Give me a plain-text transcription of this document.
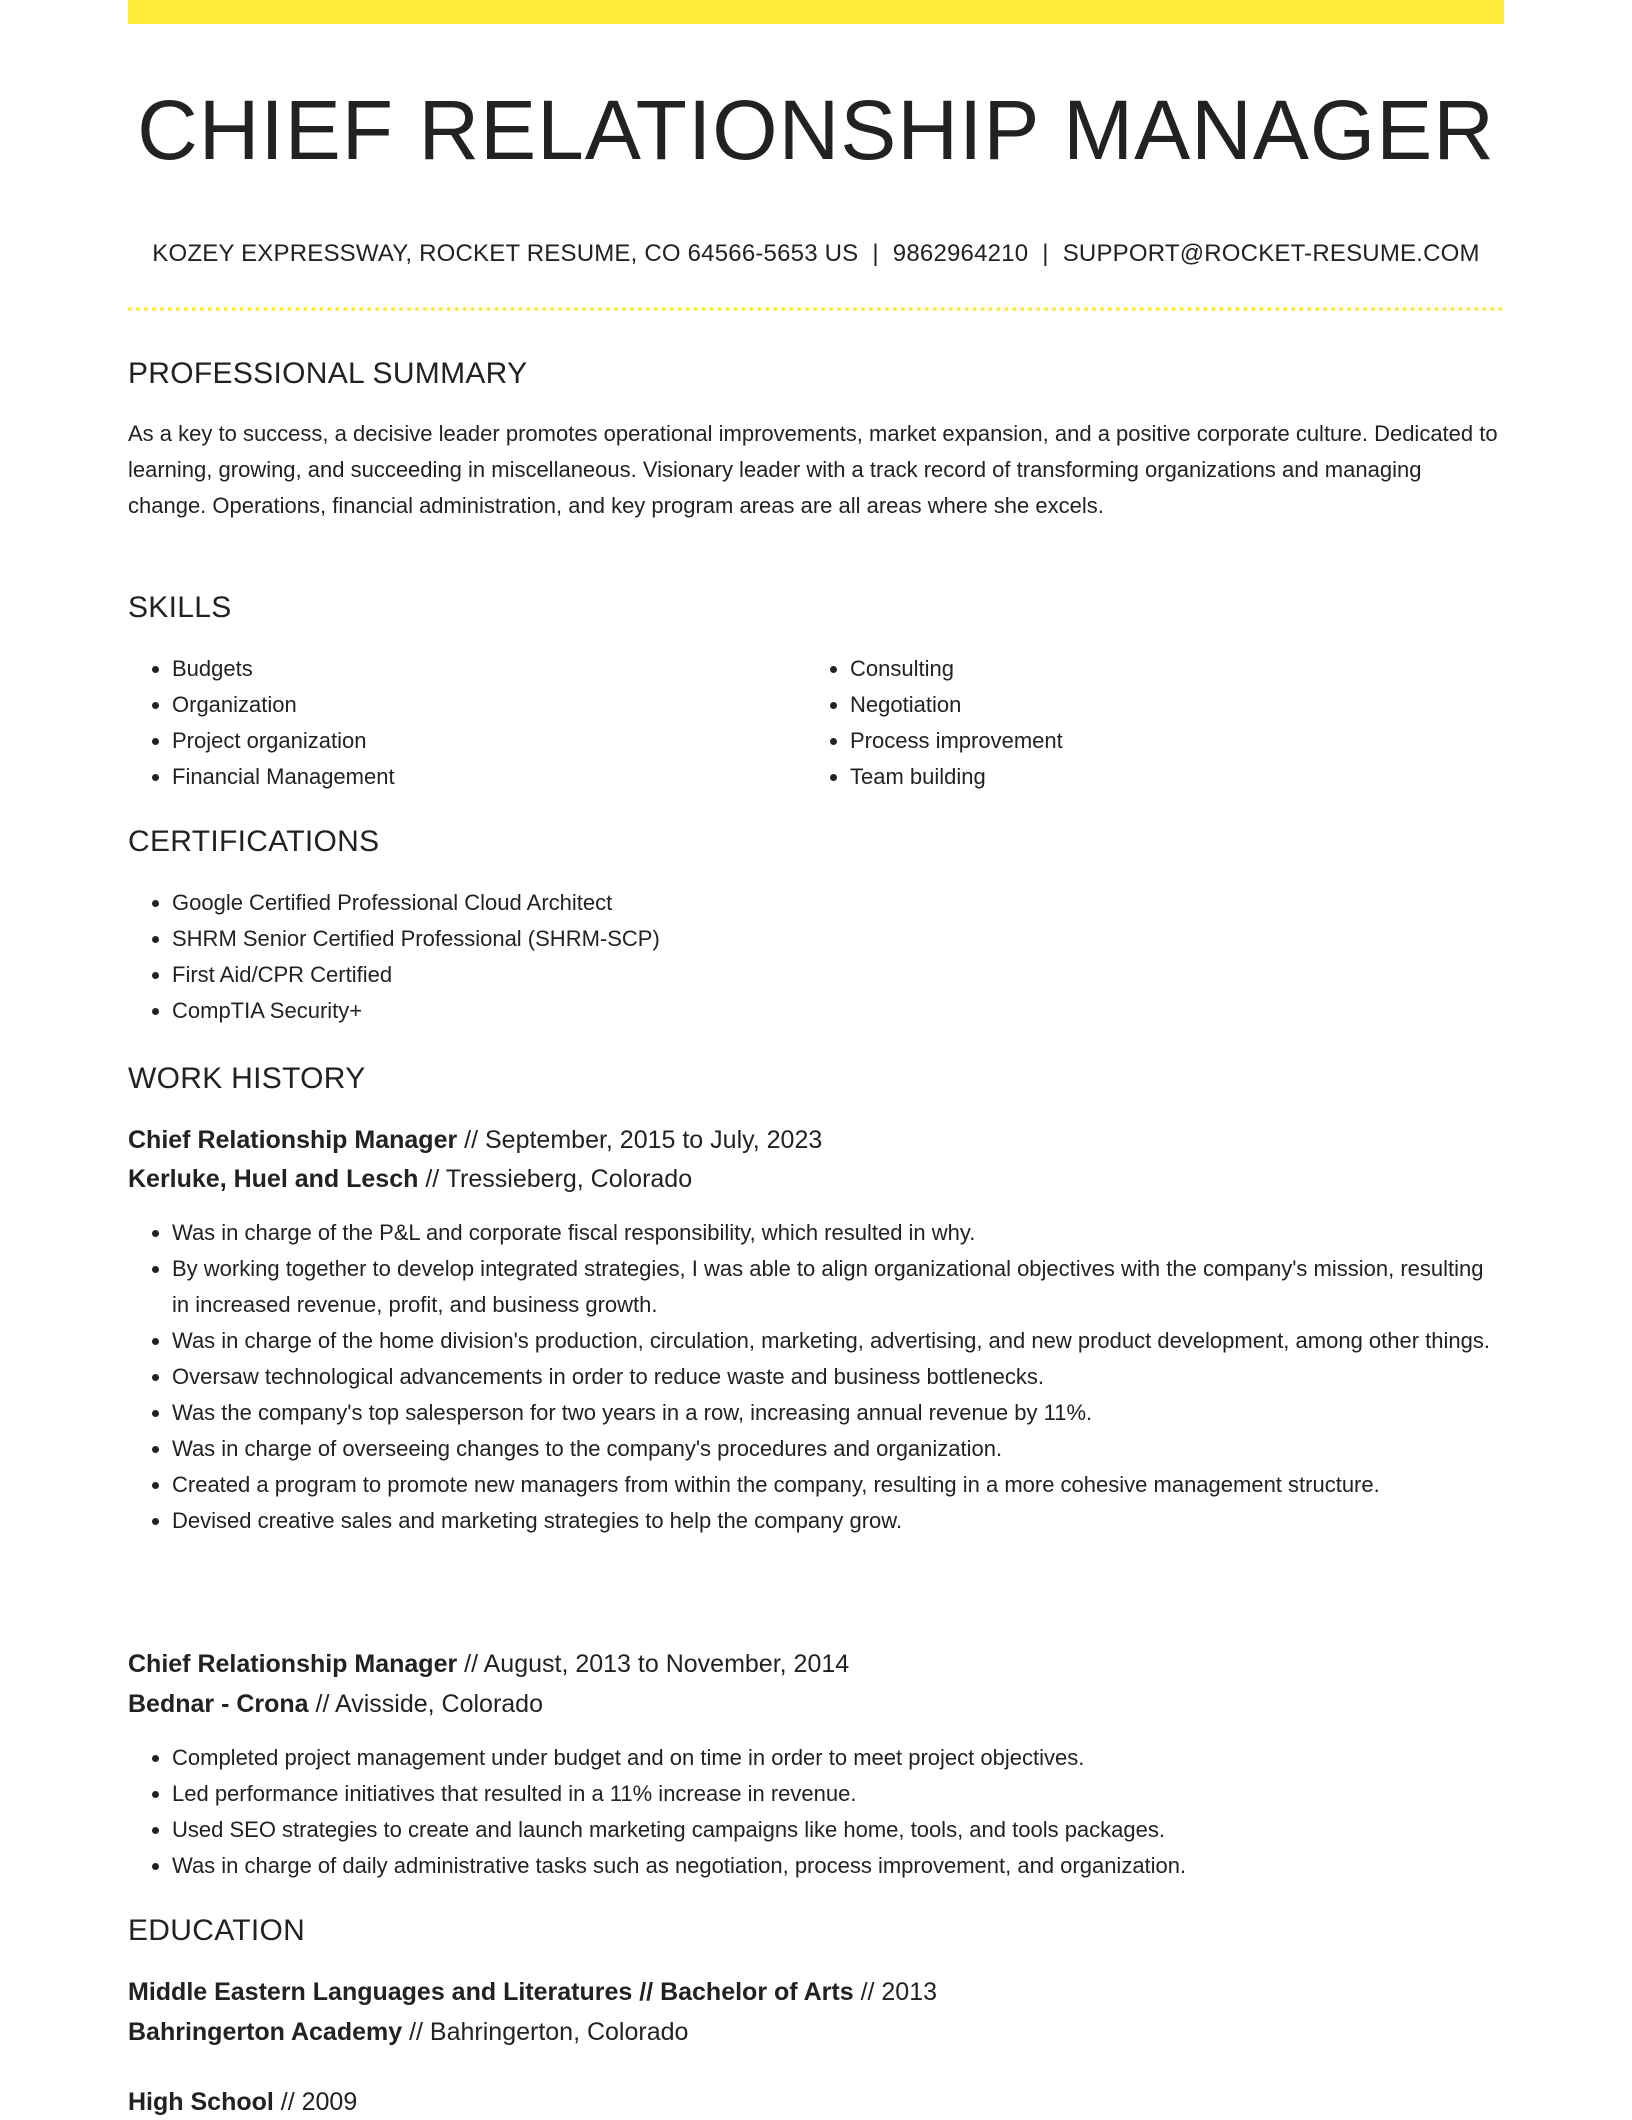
CHIEF RELATIONSHIP MANAGER
KOZEY EXPRESSWAY, ROCKET RESUME, CO 64566-5653 US | 9862964210 | SUPPORT@ROCKET-RESUME.COM
PROFESSIONAL SUMMARY
As a key to success, a decisive leader promotes operational improvements, market expansion, and a positive corporate culture. Dedicated to learning, growing, and succeeding in miscellaneous. Visionary leader with a track record of transforming organizations and managing change. Operations, financial administration, and key program areas are all areas where she excels.
SKILLS
• Budgets
• Organization
• Project organization
• Financial Management
• Consulting
• Negotiation
• Process improvement
• Team building
CERTIFICATIONS
• Google Certified Professional Cloud Architect
• SHRM Senior Certified Professional (SHRM-SCP)
• First Aid/CPR Certified
• CompTIA Security+
WORK HISTORY
Chief Relationship Manager // September, 2015 to July, 2023
Kerluke, Huel and Lesch // Tressieberg, Colorado
• Was in charge of the P&L and corporate fiscal responsibility, which resulted in why.
• By working together to develop integrated strategies, I was able to align organizational objectives with the company's mission, resulting in increased revenue, profit, and business growth.
• Was in charge of the home division's production, circulation, marketing, advertising, and new product development, among other things.
• Oversaw technological advancements in order to reduce waste and business bottlenecks.
• Was the company's top salesperson for two years in a row, increasing annual revenue by 11%.
• Was in charge of overseeing changes to the company's procedures and organization.
• Created a program to promote new managers from within the company, resulting in a more cohesive management structure.
• Devised creative sales and marketing strategies to help the company grow.
Chief Relationship Manager // August, 2013 to November, 2014
Bednar - Crona // Avisside, Colorado
• Completed project management under budget and on time in order to meet project objectives.
• Led performance initiatives that resulted in a 11% increase in revenue.
• Used SEO strategies to create and launch marketing campaigns like home, tools, and tools packages.
• Was in charge of daily administrative tasks such as negotiation, process improvement, and organization.
EDUCATION
Middle Eastern Languages and Literatures // Bachelor of Arts // 2013
Bahringerton Academy // Bahringerton, Colorado
High School // 2009
